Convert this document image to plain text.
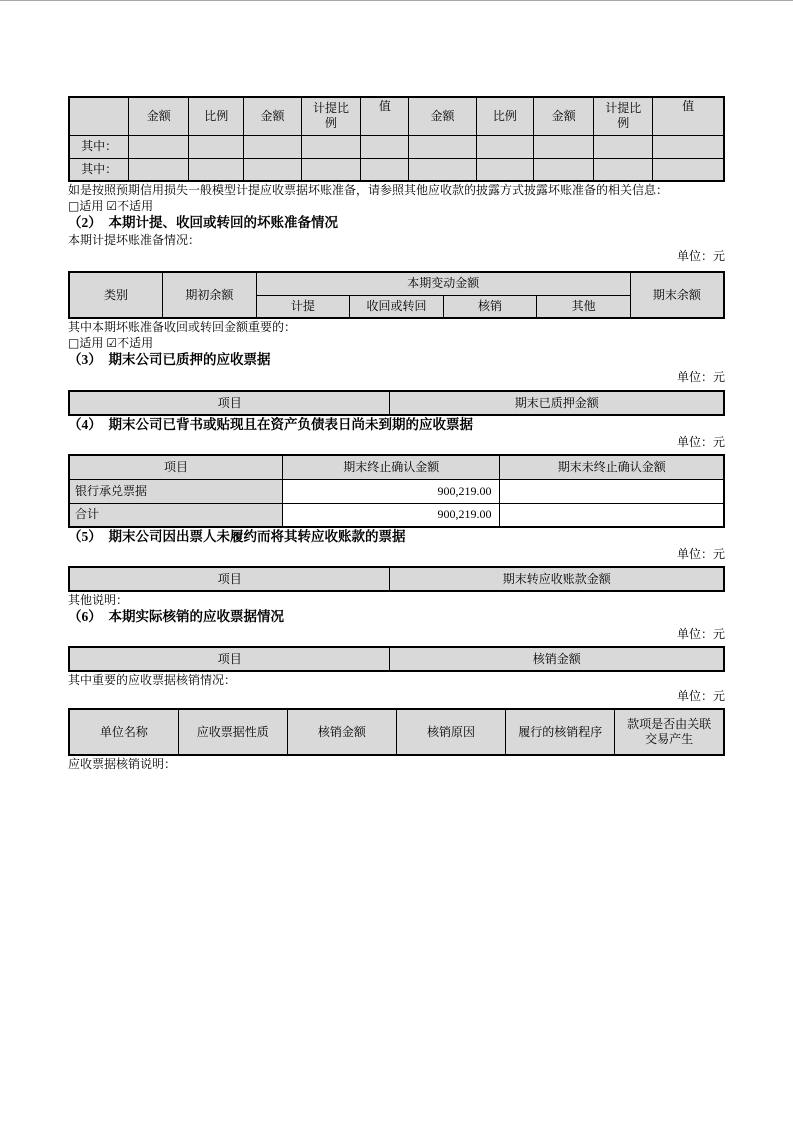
	金额	比例	金额	计提比例	值	金额	比例	金额	计提比例	值
其中：										
其中：										

如是按照预期信用损失一般模型计提应收票据坏账准备，请参照其他应收款的披露方式披露坏账准备的相关信息：

□适用 ☑不适用

（2）　本期计提、收回或转回的坏账准备情况

本期计提坏账准备情况：

单位：元

类别	期初余额	本期变动金额				期末余额
		计提	收回或转回	核销	其他	

其中本期坏账准备收回或转回金额重要的：

□适用 ☑不适用

（3）　期末公司已质押的应收票据

单位：元

项目	期末已质押金额
（4）　期末公司已背书或贴现且在资产负债表日尚未到期的应收票据

单位：元

项目	期末终止确认金额	期末未终止确认金额
银行承兑票据	900,219.00	
合计	900,219.00	
（5）　期末公司因出票人未履约而将其转应收账款的票据

单位：元

项目	期末转应收账款金额

其他说明：

（6）　本期实际核销的应收票据情况

单位：元

项目	核销金额

其中重要的应收票据核销情况：

单位：元

单位名称	应收票据性质	核销金额	核销原因	履行的核销程序	款项是否由关联交易产生

应收票据核销说明：
